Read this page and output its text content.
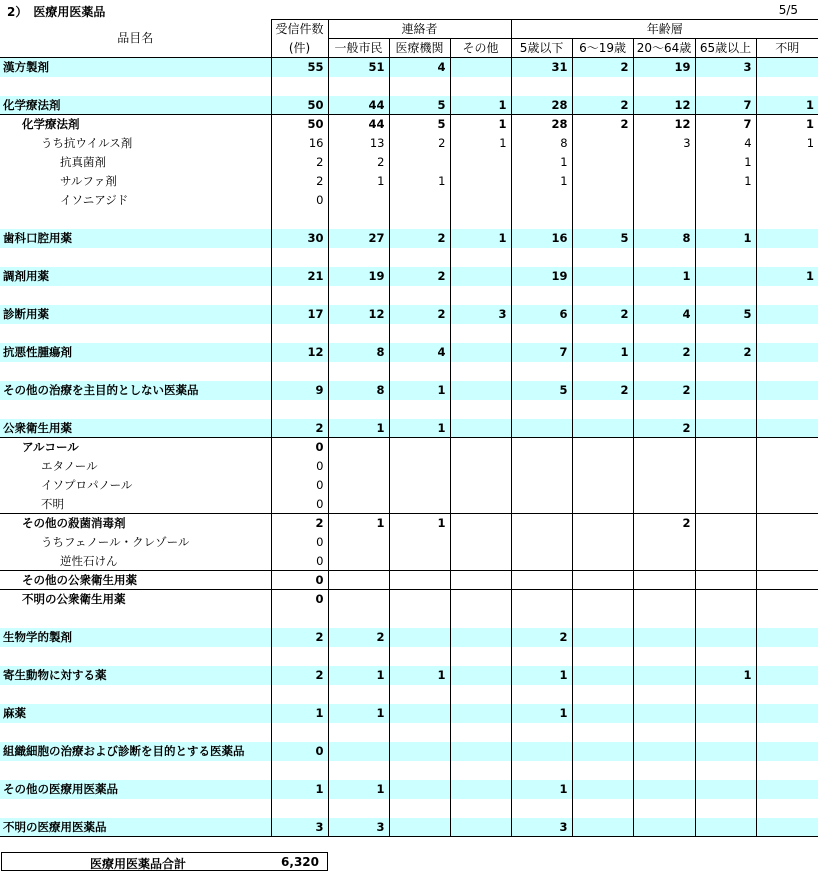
2）　医療用医薬品	5/5
品目名	受信件数	連絡者			年齢層				
	(件)	一般市民	医療機関	その他	5歳以下	6～19歳	20～64歳	65歳以上	不明
漢方製剤	55	51	4		31	2	19	3	

化学療法剤	50	44	5	1	28	2	12	7	1
化学療法剤	50	44	5	1	28	2	12	7	1
うち抗ウイルス剤	16	13	2	1	8		3	4	1
抗真菌剤	2	2			1			1	
サルファ剤	2	1	1		1			1	
イソニアジド	0								

歯科口腔用薬	30	27	2	1	16	5	8	1	

調剤用薬	21	19	2		19		1		1

診断用薬	17	12	2	3	6	2	4	5	

抗悪性腫瘍剤	12	8	4		7	1	2	2	

その他の治療を主目的としない医薬品	9	8	1		5	2	2		

公衆衛生用薬	2	1	1				2		
アルコール	0								
エタノール	0								
イソプロパノール	0								
不明	0								
その他の殺菌消毒剤	2	1	1				2		
うちフェノール・クレゾール	0								
逆性石けん	0								
その他の公衆衛生用薬	0								
不明の公衆衛生用薬	0								

生物学的製剤	2	2			2				

寄生動物に対する薬	2	1	1		1			1	

麻薬	1	1			1				

組織細胞の治療および診断を目的とする医薬品	0								

その他の医療用医薬品	1	1			1				

不明の医療用医薬品	3	3			3				
医療用医薬品合計	6,320
